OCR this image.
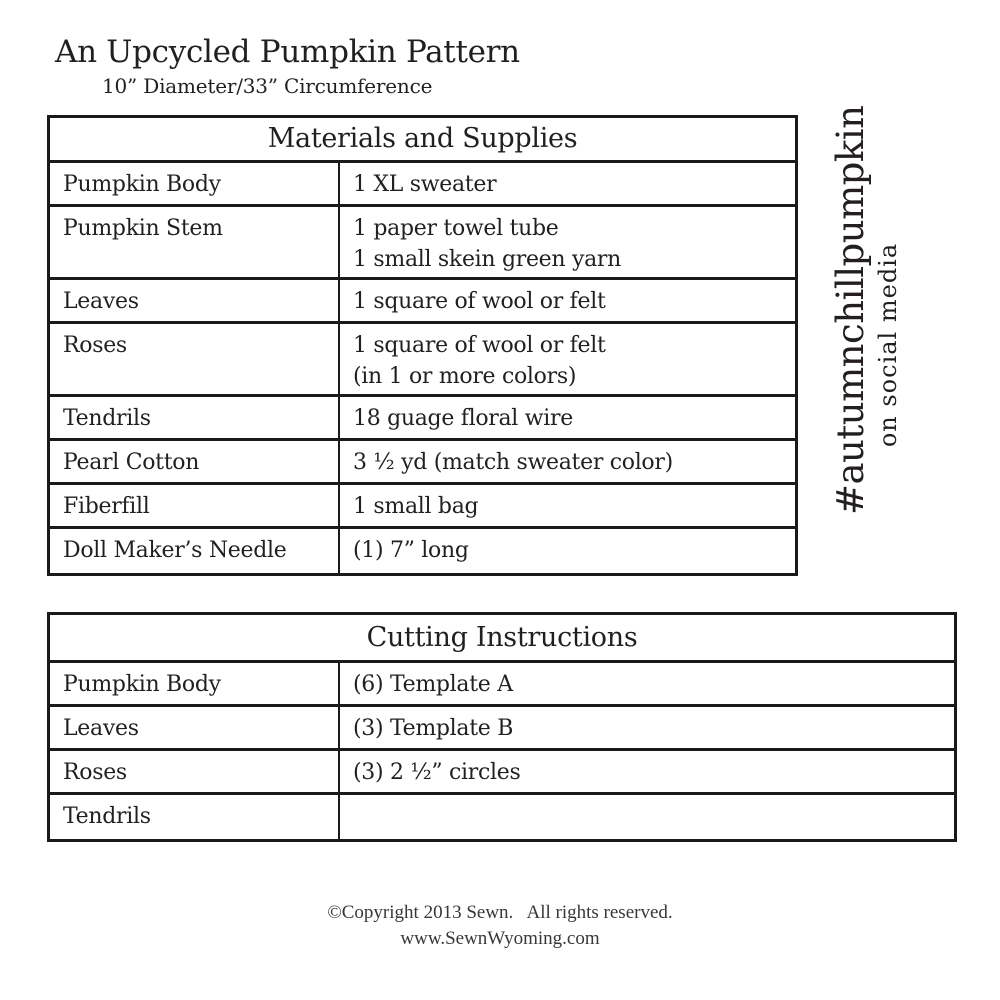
An Upcycled Pumpkin Pattern
10” Diameter/33” Circumference
Materials and Supplies
Pumpkin Body	1 XL sweater
Pumpkin Stem	1 paper towel tube
1 small skein green yarn
Leaves	1 square of wool or felt
Roses	1 square of wool or felt
(in 1 or more colors)
Tendrils	18 guage floral wire
Pearl Cotton	3 ½ yd (match sweater color)
Fiberfill	1 small bag
Doll Maker’s Needle	(1) 7” long
#autumnchillpumpkin on social media
Cutting Instructions
Pumpkin Body	(6) Template A
Leaves	(3) Template B
Roses	(3) 2 ½” circles
Tendrils
©Copyright 2013 Sewn.   All rights reserved.
www.SewnWyoming.com
